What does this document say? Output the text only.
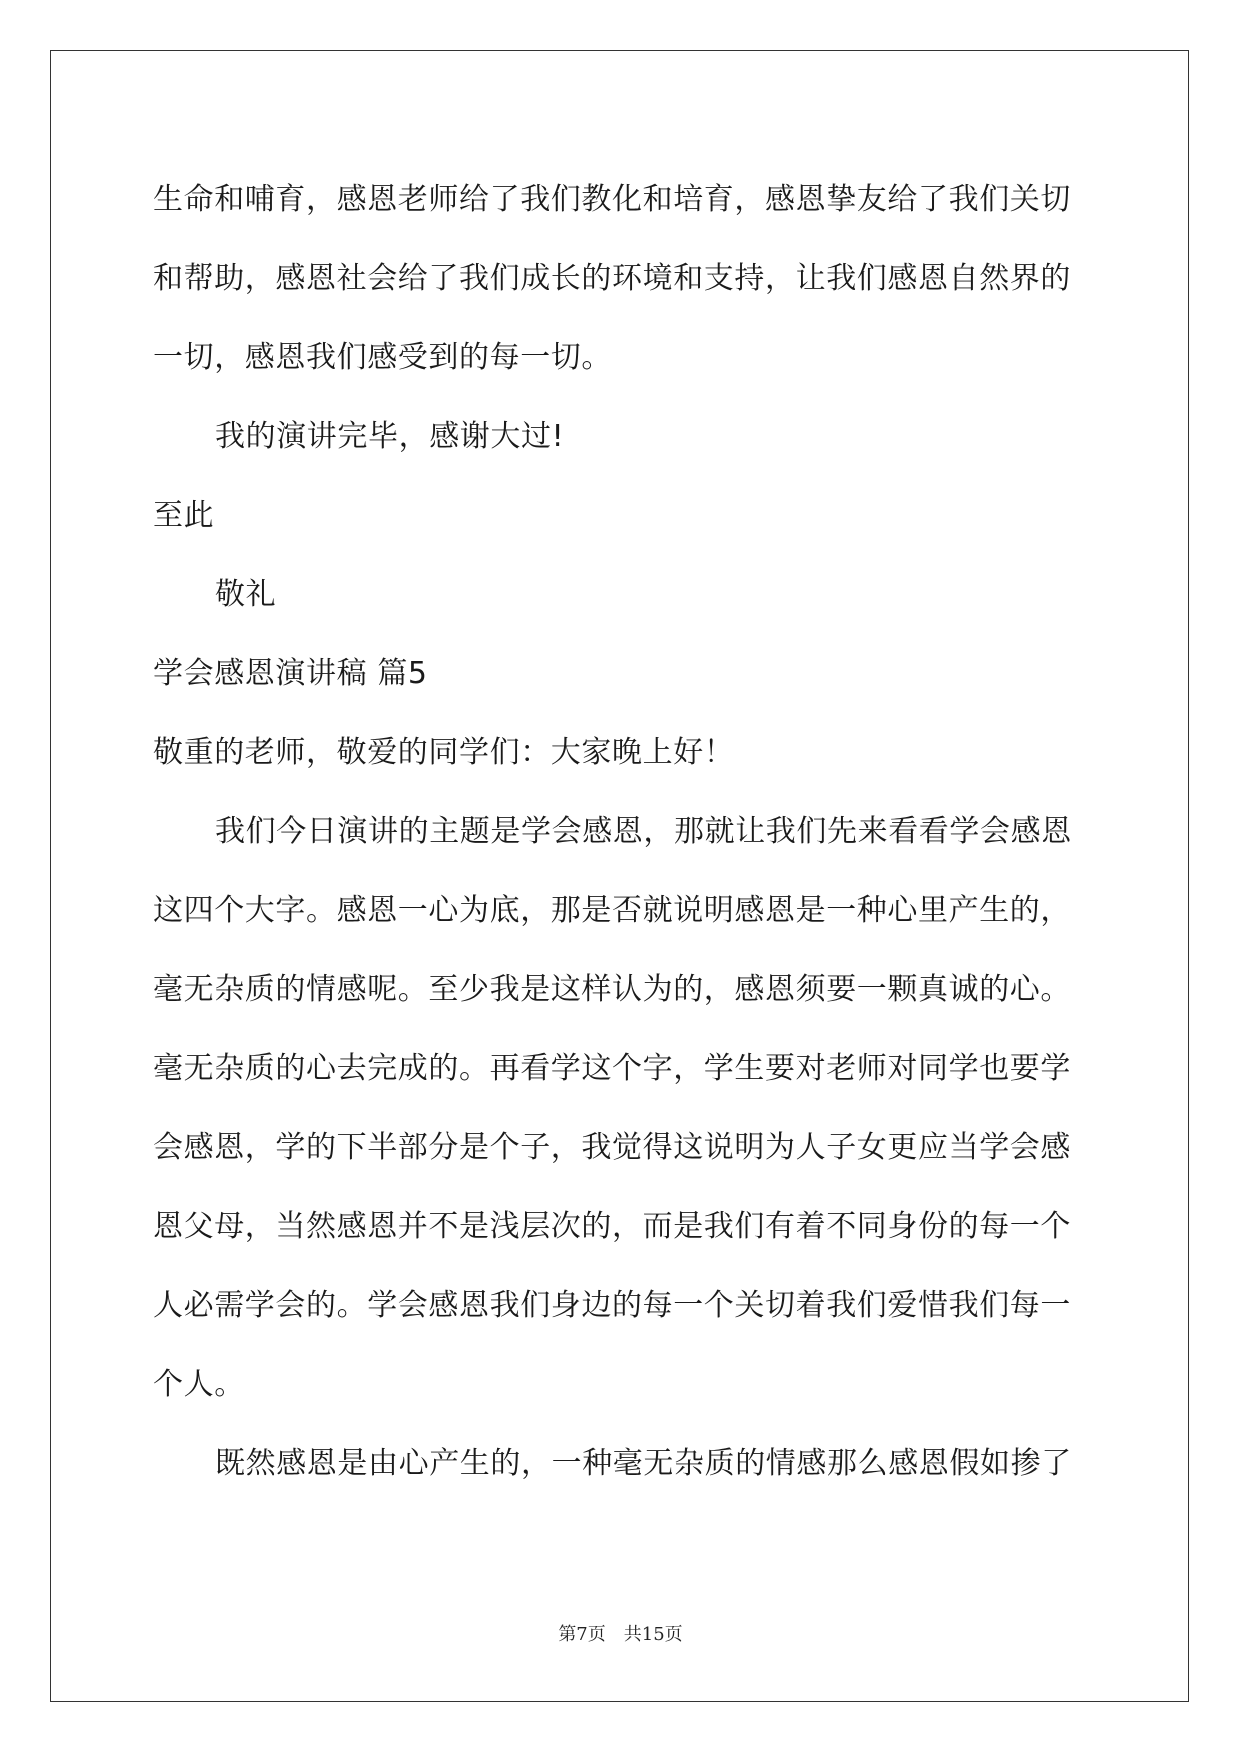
生命和哺育，感恩老师给了我们教化和培育，感恩挚友给了我们关切
和帮助，感恩社会给了我们成长的环境和支持，让我们感恩自然界的
一切，感恩我们感受到的每一切。
我的演讲完毕，感谢大过!
至此
敬礼
学会感恩演讲稿 篇5
敬重的老师，敬爱的同学们：大家晚上好！
我们今日演讲的主题是学会感恩，那就让我们先来看看学会感恩
这四个大字。感恩一心为底，那是否就说明感恩是一种心里产生的，
毫无杂质的情感呢。至少我是这样认为的，感恩须要一颗真诚的心。
毫无杂质的心去完成的。再看学这个字，学生要对老师对同学也要学
会感恩，学的下半部分是个子，我觉得这说明为人子女更应当学会感
恩父母，当然感恩并不是浅层次的，而是我们有着不同身份的每一个
人必需学会的。学会感恩我们身边的每一个关切着我们爱惜我们每一
个人。
既然感恩是由心产生的，一种毫无杂质的情感那么感恩假如掺了
第7页　共15页
